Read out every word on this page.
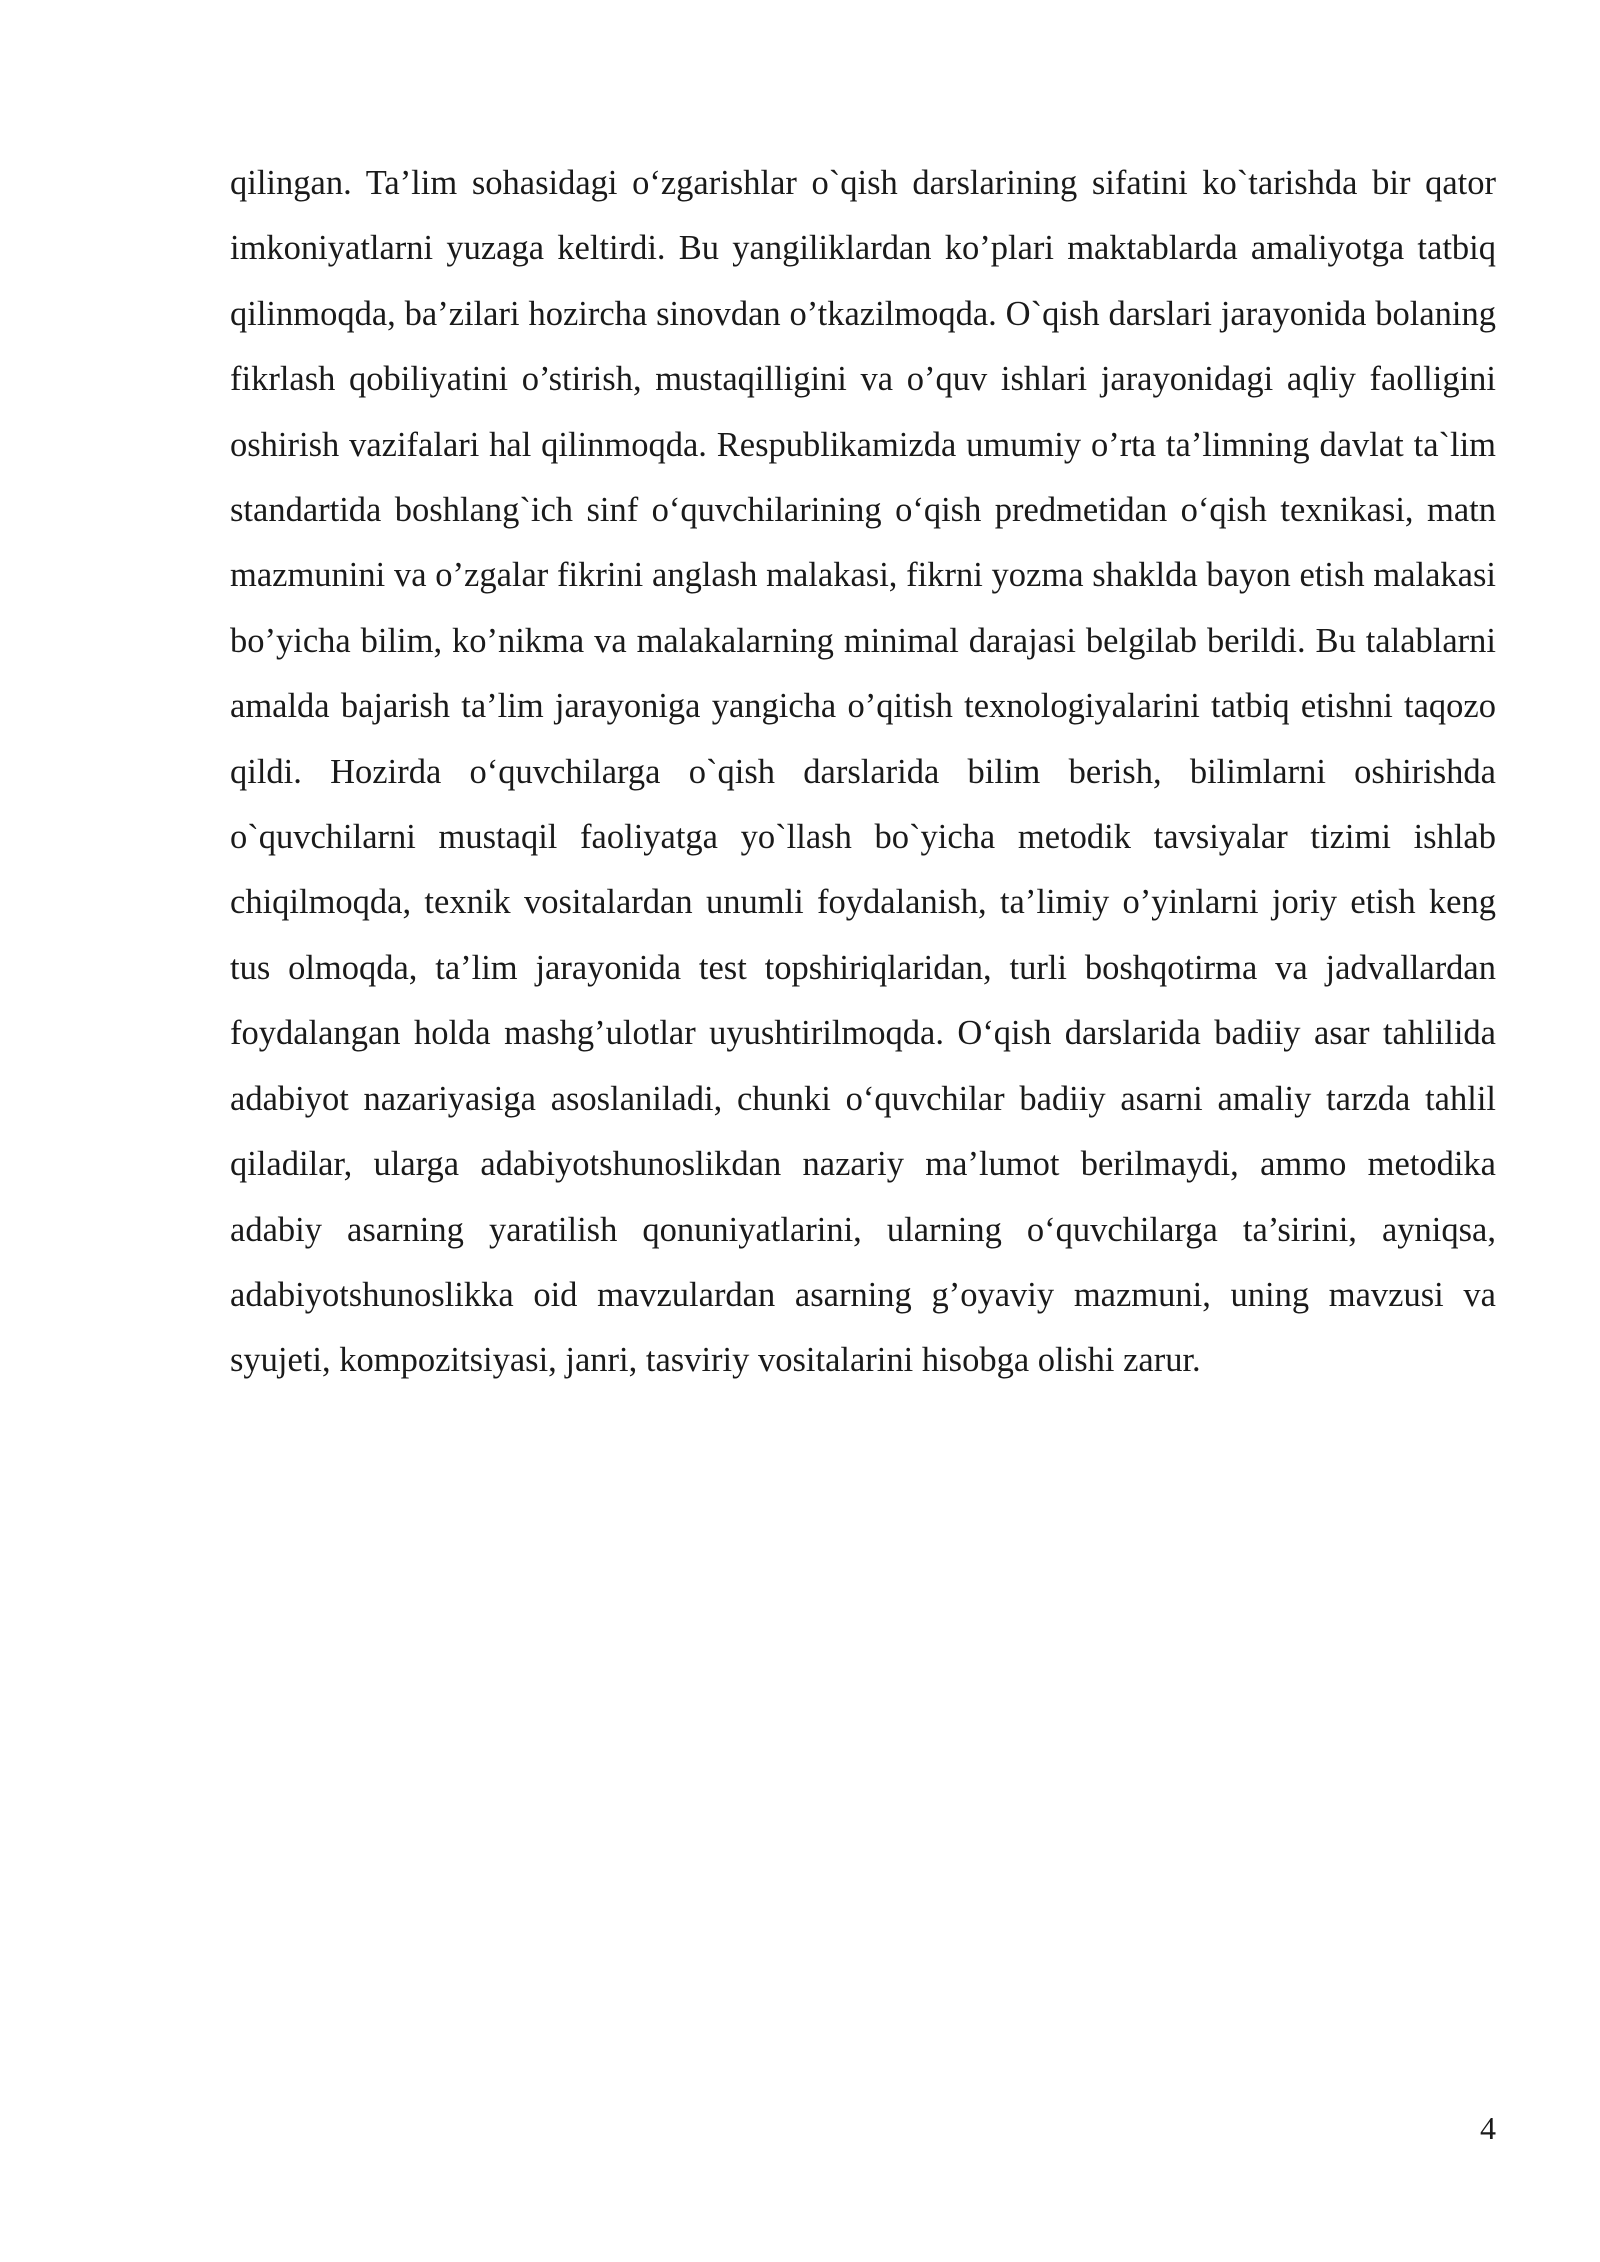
qilingan. Ta’lim sohasidagi o‘zgarishlar o`qish darslarining sifatini ko`tarishda bir qator imkoniyatlarni yuzaga keltirdi. Bu yangiliklardan ko’plari maktablarda amaliyotga tatbiq qilinmoqda, ba’zilari hozircha sinovdan o’tkazilmoqda. O`qish darslari jarayonida bolaning fikrlash qobiliyatini o’stirish, mustaqilligini va o’quv ishlari jarayonidagi aqliy faolligini oshirish vazifalari hal qilinmoqda. Respublikamizda umumiy o’rta ta’limning davlat ta`lim standartida boshlang`ich sinf o‘quvchilarining o‘qish predmetidan o‘qish texnikasi, matn mazmunini va o’zgalar fikrini anglash malakasi, fikrni yozma shaklda bayon etish malakasi bo’yicha bilim, ko’nikma va malakalarning minimal darajasi belgilab berildi. Bu talablarni amalda bajarish ta’lim jarayoniga yangicha o’qitish texnologiyalarini tatbiq etishni taqozo qildi. Hozirda o‘quvchilarga o`qish darslarida bilim berish, bilimlarni oshirishda o`quvchilarni mustaqil faoliyatga yo`llash bo`yicha metodik tavsiyalar tizimi ishlab chiqilmoqda, texnik vositalardan unumli foydalanish, ta’limiy o’yinlarni joriy etish keng tus olmoqda, ta’lim jarayonida test topshiriqlaridan, turli boshqotirma va jadvallardan foydalangan holda mashg’ulotlar uyushtirilmoqda. O‘qish darslarida badiiy asar tahlilida adabiyot nazariyasiga asoslaniladi, chunki o‘quvchilar badiiy asarni amaliy tarzda tahlil qiladilar, ularga adabiyotshunoslikdan nazariy ma’lumot berilmaydi, ammo metodika adabiy asarning yaratilish qonuniyatlarini, ularning o‘quvchilarga ta’sirini, ayniqsa, adabiyotshunoslikka oid mavzulardan asarning g’oyaviy mazmuni, uning mavzusi va syujeti, kompozitsiyasi, janri, tasviriy vositalarini hisobga olishi zarur.

4
